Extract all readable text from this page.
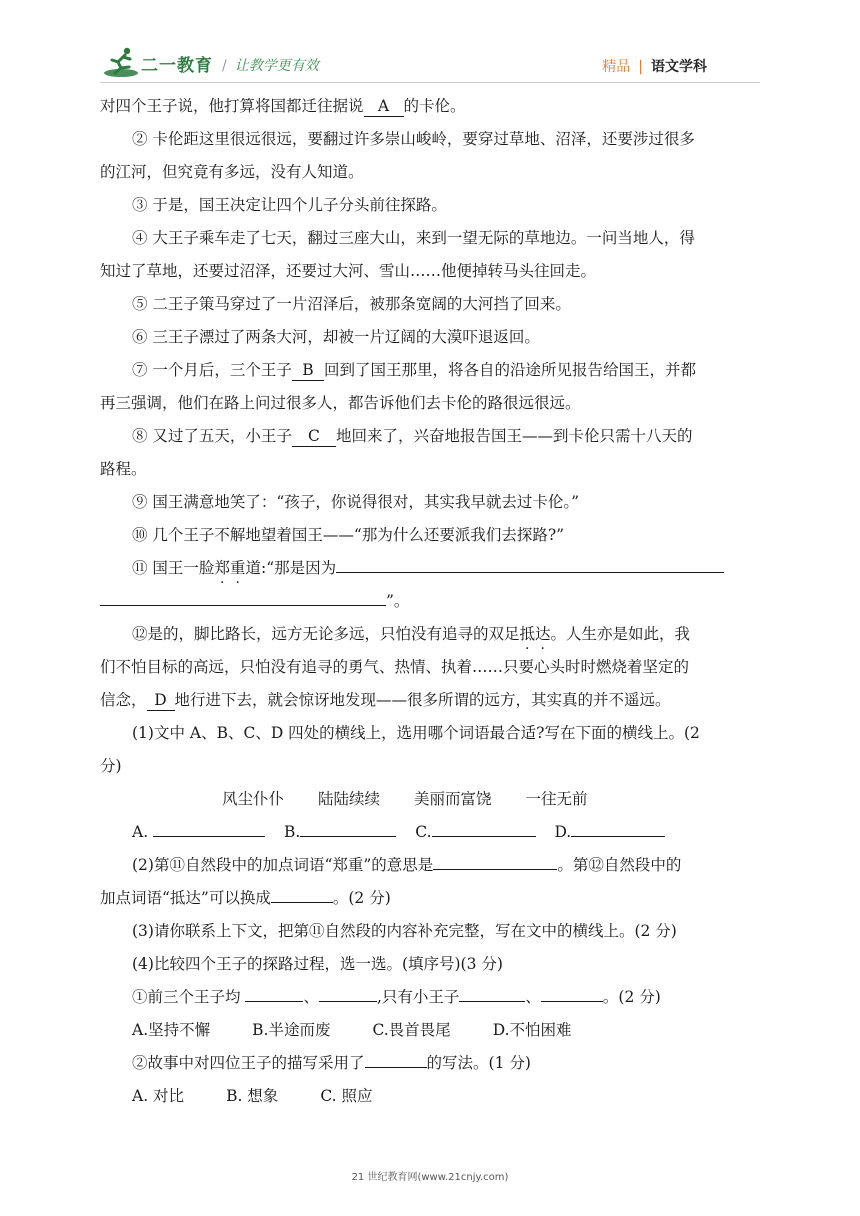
二一教育 / 让教学更有效	精品 | 语文学科
对四个王子说，他打算将国都迁往据说 A 的卡伦。
② 卡伦距这里很远很远，要翻过许多崇山峻岭，要穿过草地、沼泽，还要涉过很多
的江河，但究竟有多远，没有人知道。
③ 于是，国王决定让四个儿子分头前往探路。
④ 大王子乘车走了七天，翻过三座大山，来到一望无际的草地边。一问当地人，得
知过了草地，还要过沼泽，还要过大河、雪山……他便掉转马头往回走。
⑤ 二王子策马穿过了一片沼泽后，被那条宽阔的大河挡了回来。
⑥ 三王子漂过了两条大河，却被一片辽阔的大漠吓退返回。
⑦ 一个月后，三个王子 B 回到了国王那里，将各自的沿途所见报告给国王，并都
再三强调，他们在路上问过很多人，都告诉他们去卡伦的路很远很远。
⑧ 又过了五天，小王子 C 地回来了，兴奋地报告国王——到卡伦只需十八天的
路程。
⑨ 国王满意地笑了：“孩子，你说得很对，其实我早就去过卡伦。”
⑩ 几个王子不解地望着国王——“那为什么还要派我们去探路?”
⑪ 国王一脸郑重道:“那是因为
”。
⑫是的，脚比路长，远方无论多远，只怕没有追寻的双足抵达。人生亦是如此，我
们不怕目标的高远，只怕没有追寻的勇气、热情、执着……只要心头时时燃烧着坚定的
信念， D 地行进下去，就会惊讶地发现——很多所谓的远方，其实真的并不遥远。
(1)文中 A、B、C、D 四处的横线上，选用哪个词语最合适?写在下面的横线上。(2
分)
风尘仆仆 陆陆续续 美丽而富饶 一往无前
A.	B.	C.	D.
(2)第⑪自然段中的加点词语“郑重”的意思是	。第⑫自然段中的
加点词语“抵达”可以换成	。(2 分)
(3)请你联系上下文，把第⑪自然段的内容补充完整，写在文中的横线上。(2 分)
(4)比较四个王子的探路过程，选一选。(填序号)(3 分)
①前三个王子均	、	,只有小王子	、	。(2 分)
A.坚持不懈	B.半途而废	C.畏首畏尾	D.不怕困难
②故事中对四位王子的描写采用了	的写法。(1 分)
A. 对比	B. 想象	C. 照应
21 世纪教育网(www.21cnjy.com)
